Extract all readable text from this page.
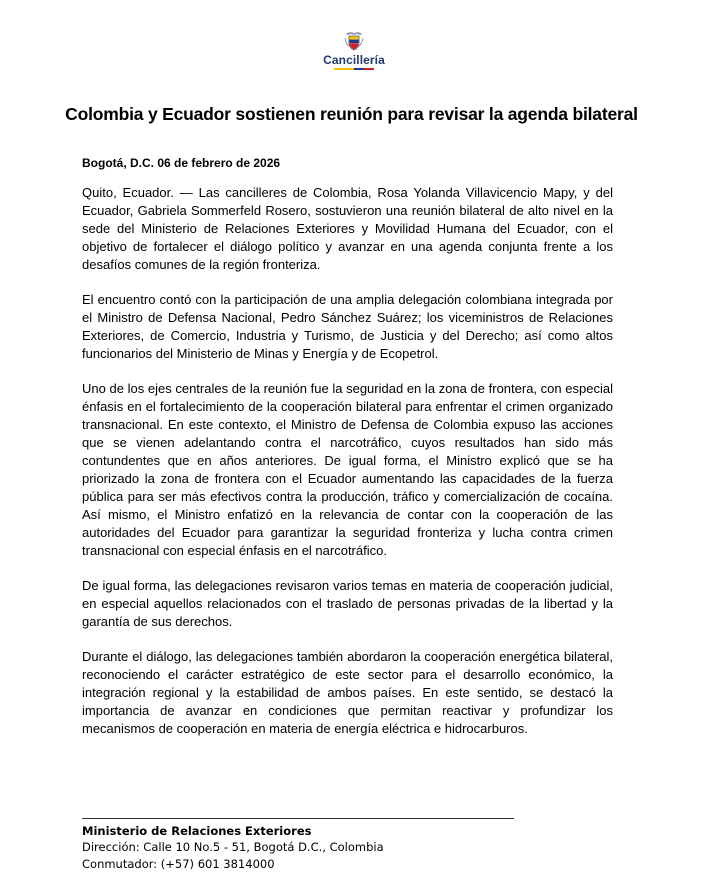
Cancillería
Colombia y Ecuador sostienen reunión para revisar la agenda bilateral

Bogotá, D.C. 06 de febrero de 2026

Quito, Ecuador. — Las cancilleres de Colombia, Rosa Yolanda Villavicencio Mapy, y del Ecuador, Gabriela Sommerfeld Rosero, sostuvieron una reunión bilateral de alto nivel en la sede del Ministerio de Relaciones Exteriores y Movilidad Humana del Ecuador, con el objetivo de fortalecer el diálogo político y avanzar en una agenda conjunta frente a los desafíos comunes de la región fronteriza.

El encuentro contó con la participación de una amplia delegación colombiana integrada por el Ministro de Defensa Nacional, Pedro Sánchez Suárez; los viceministros de Relaciones Exteriores, de Comercio, Industria y Turismo, de Justicia y del Derecho; así como altos funcionarios del Ministerio de Minas y Energía y de Ecopetrol.

Uno de los ejes centrales de la reunión fue la seguridad en la zona de frontera, con especial énfasis en el fortalecimiento de la cooperación bilateral para enfrentar el crimen organizado transnacional. En este contexto, el Ministro de Defensa de Colombia expuso las acciones que se vienen adelantando contra el narcotráfico, cuyos resultados han sido más contundentes que en años anteriores. De igual forma, el Ministro explicó que se ha priorizado la zona de frontera con el Ecuador aumentando las capacidades de la fuerza pública para ser más efectivos contra la producción, tráfico y comercialización de cocaína. Así mismo, el Ministro enfatizó en la relevancia de contar con la cooperación de las autoridades del Ecuador para garantizar la seguridad fronteriza y lucha contra crimen transnacional con especial énfasis en el narcotráfico.

De igual forma, las delegaciones revisaron varios temas en materia de cooperación judicial, en especial aquellos relacionados con el traslado de personas privadas de la libertad y la garantía de sus derechos.

Durante el diálogo, las delegaciones también abordaron la cooperación energética bilateral, reconociendo el carácter estratégico de este sector para el desarrollo económico, la integración regional y la estabilidad de ambos países. En este sentido, se destacó la importancia de avanzar en condiciones que permitan reactivar y profundizar los mecanismos de cooperación en materia de energía eléctrica e hidrocarburos.

Ministerio de Relaciones Exteriores

Dirección: Calle 10 No.5 - 51, Bogotá D.C., Colombia

Conmutador: (+57) 601 3814000
